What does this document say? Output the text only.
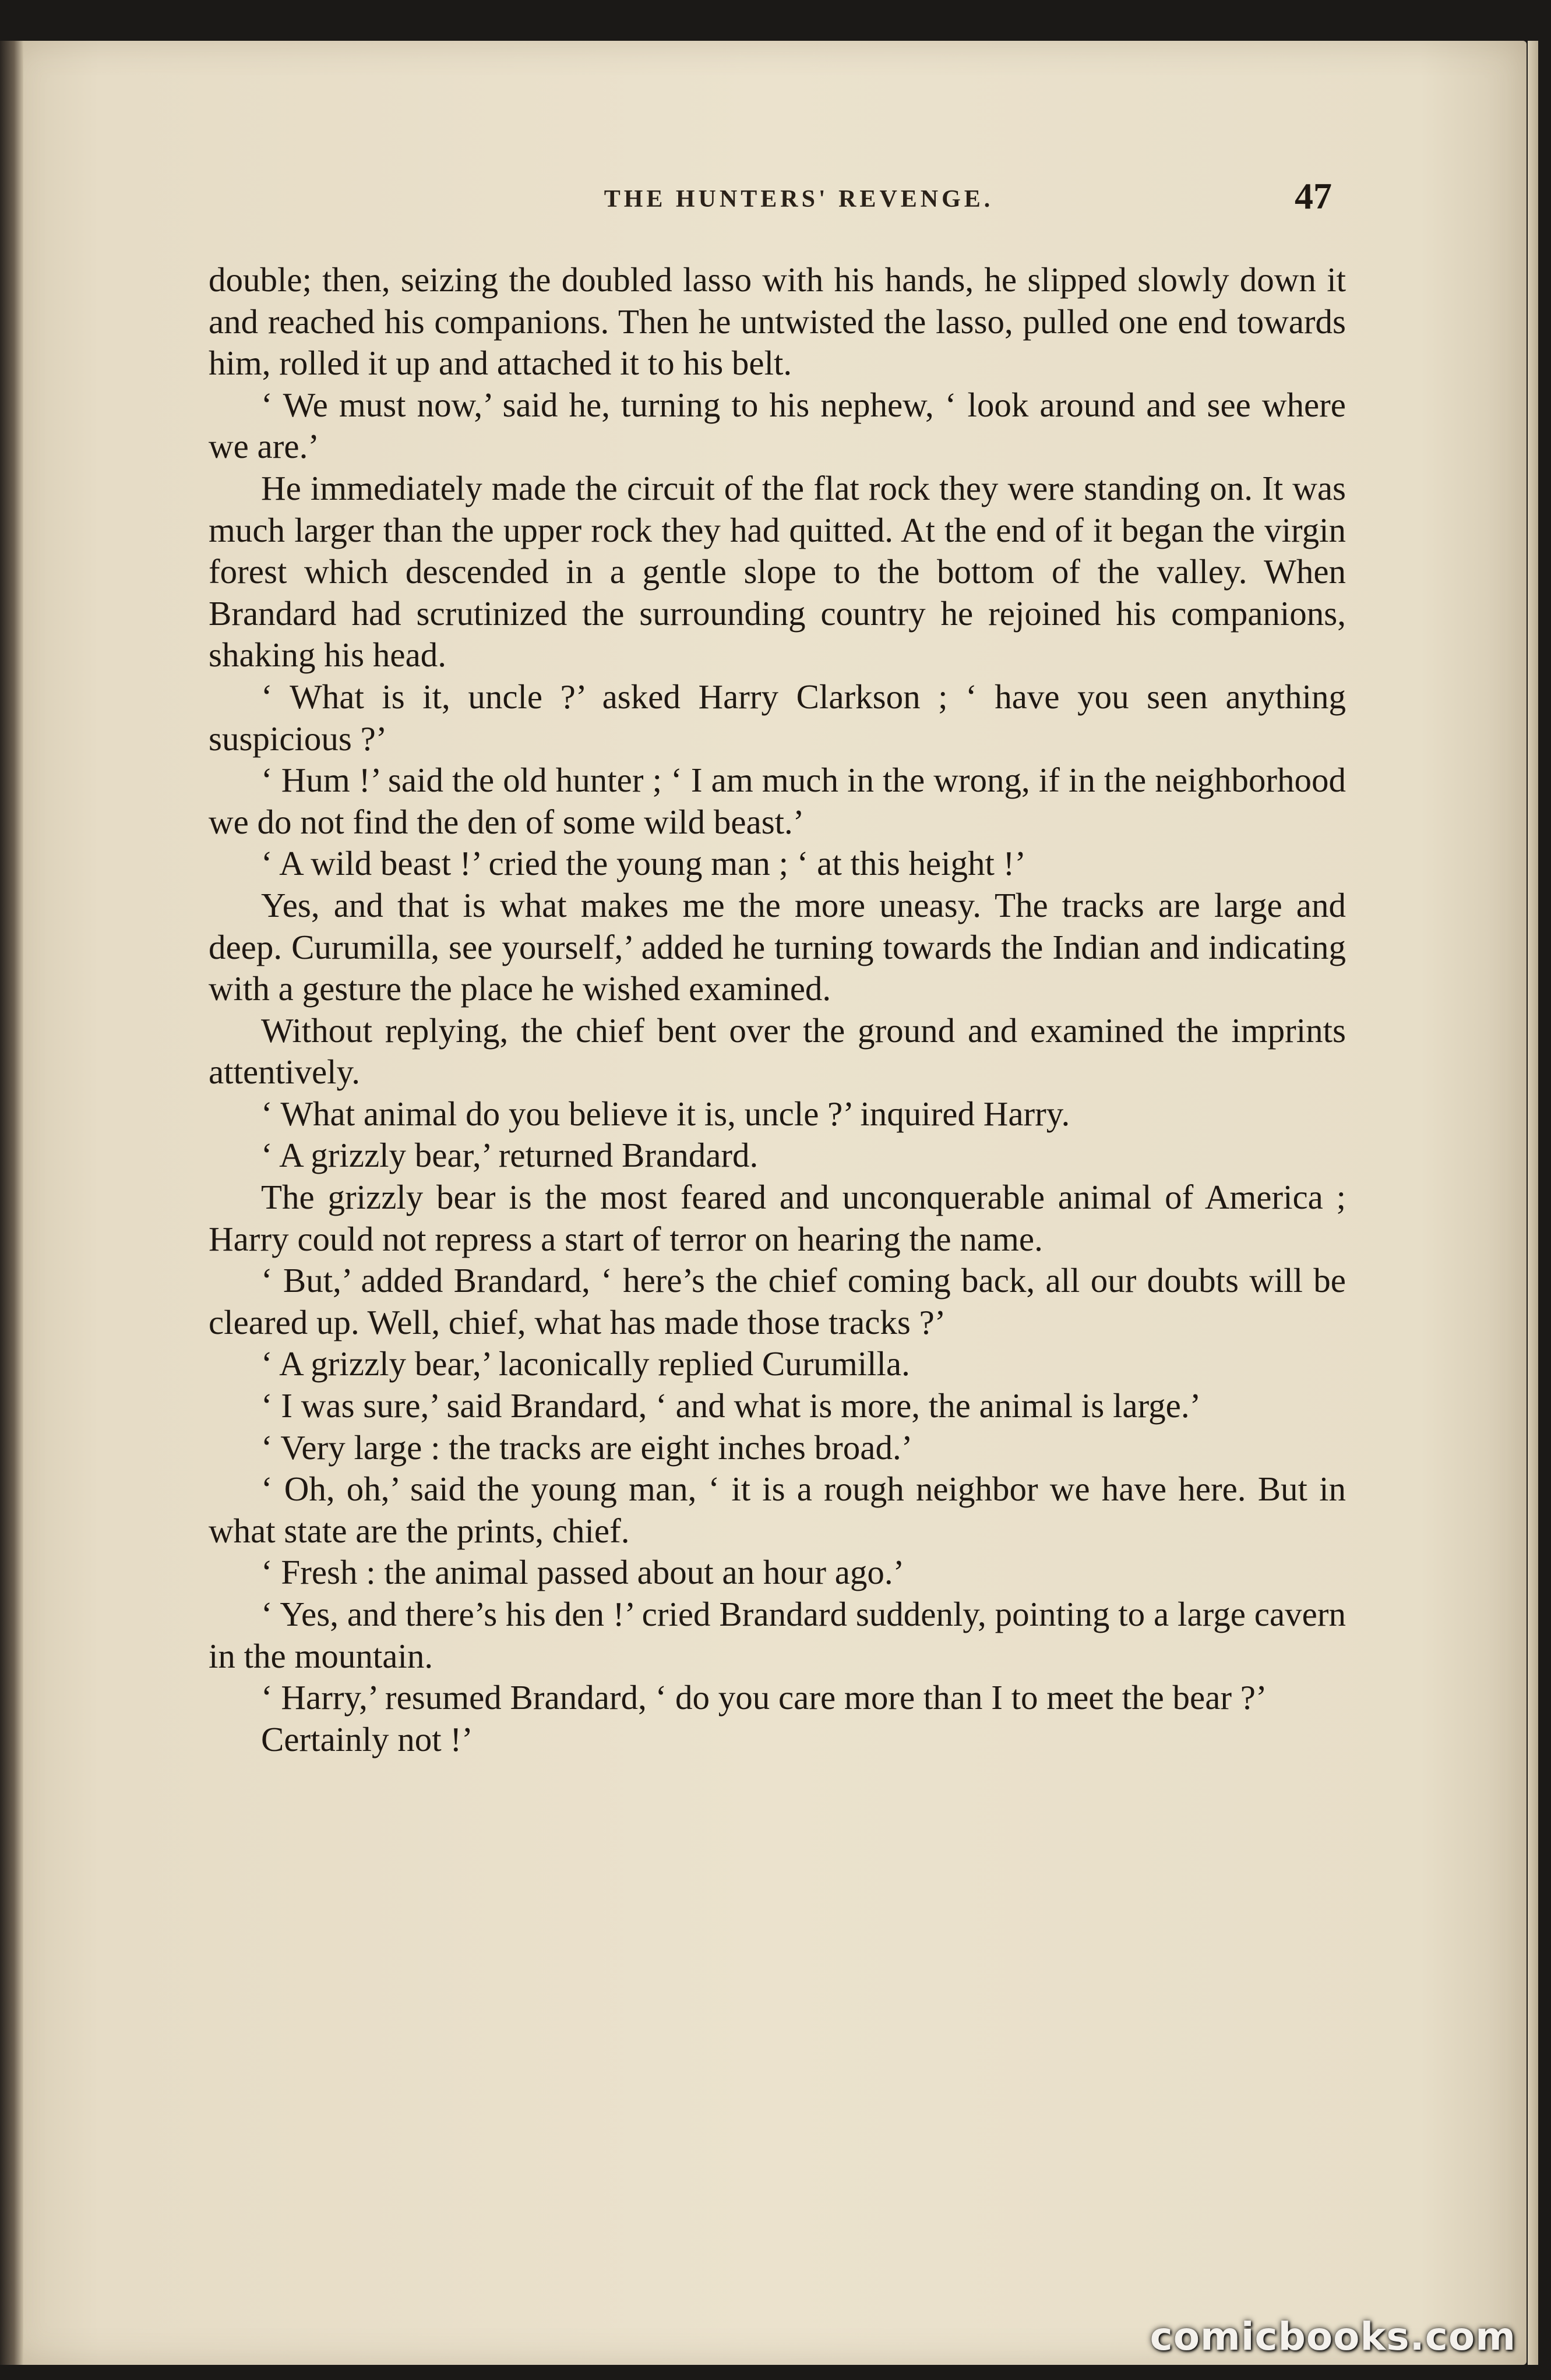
THE HUNTERS' REVENGE.	47

double; then, seizing the doubled lasso with his hands, he slipped slowly down it and reached his companions. Then he untwisted the lasso, pulled one end towards him, rolled it up and attached it to his belt.

‘ We must now,’ said he, turning to his nephew, ‘ look around and see where we are.’

He immediately made the circuit of the flat rock they were standing on. It was much larger than the upper rock they had quitted. At the end of it began the virgin forest which descended in a gentle slope to the bottom of the valley. When Brandard had scrutinized the surrounding country he rejoined his companions, shaking his head.

‘ What is it, uncle ?’ asked Harry Clarkson ; ‘ have you seen anything suspicious ?’

‘ Hum !’ said the old hunter ; ‘ I am much in the wrong, if in the neighborhood we do not find the den of some wild beast.’

‘ A wild beast !’ cried the young man ; ‘ at this height !’

Yes, and that is what makes me the more uneasy. The tracks are large and deep. Curumilla, see yourself,’ added he turning towards the Indian and indicating with a gesture the place he wished examined.

Without replying, the chief bent over the ground and examined the imprints attentively.

‘ What animal do you believe it is, uncle ?’ inquired Harry.

‘ A grizzly bear,’ returned Brandard.

The grizzly bear is the most feared and unconquerable animal of America ; Harry could not repress a start of terror on hearing the name.

‘ But,’ added Brandard, ‘ here’s the chief coming back, all our doubts will be cleared up. Well, chief, what has made those tracks ?’

‘ A grizzly bear,’ laconically replied Curumilla.

‘ I was sure,’ said Brandard, ‘ and what is more, the animal is large.’

‘ Very large : the tracks are eight inches broad.’

‘ Oh, oh,’ said the young man, ‘ it is a rough neighbor we have here. But in what state are the prints, chief.

‘ Fresh : the animal passed about an hour ago.’

‘ Yes, and there’s his den !’ cried Brandard suddenly, pointing to a large cavern in the mountain.

‘ Harry,’ resumed Brandard, ‘ do you care more than I to meet the bear ?’

Certainly not !’

comicbooks.com
